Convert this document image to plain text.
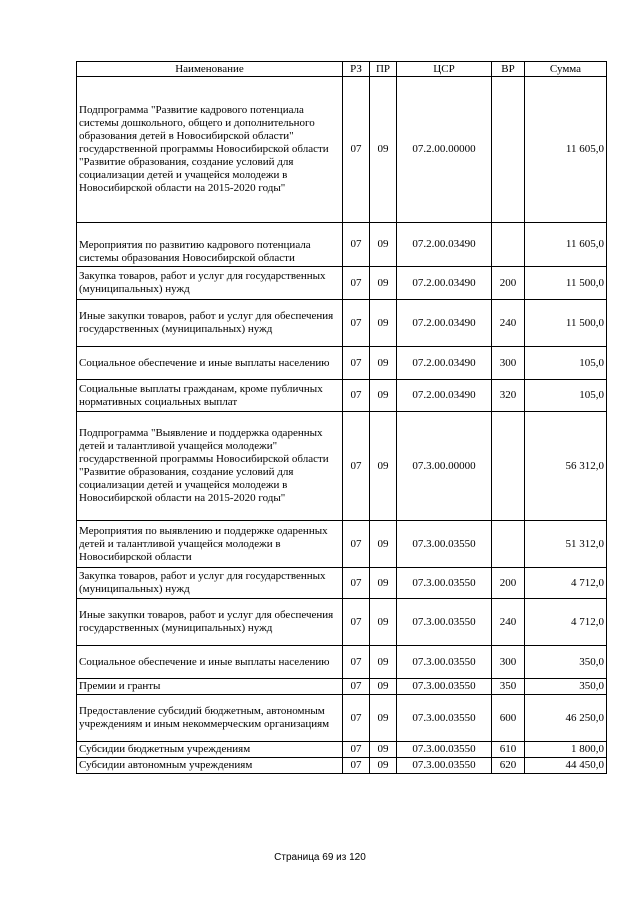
Наименование	РЗ	ПР	ЦСР	ВР	Сумма
Подпрограмма "Развитие кадрового потенциала системы дошкольного, общего и дополнительного образования детей в Новосибирской области" государственной программы Новосибирской области "Развитие образования, создание условий для социализации детей и учащейся молодежи в Новосибирской области на 2015-2020 годы"	07	09	07.2.00.00000		11 605,0
Мероприятия по развитию кадрового потенциала системы образования Новосибирской области	07	09	07.2.00.03490		11 605,0
Закупка товаров, работ и услуг для государственных (муниципальных) нужд	07	09	07.2.00.03490	200	11 500,0
Иные закупки товаров, работ и услуг для обеспечения государственных (муниципальных) нужд	07	09	07.2.00.03490	240	11 500,0
Социальное обеспечение и иные выплаты населению	07	09	07.2.00.03490	300	105,0
Социальные выплаты гражданам, кроме публичных нормативных социальных выплат	07	09	07.2.00.03490	320	105,0
Подпрограмма "Выявление и поддержка одаренных детей и талантливой учащейся молодежи" государственной программы Новосибирской области "Развитие образования, создание условий для социализации детей и учащейся молодежи в Новосибирской области на 2015-2020 годы"	07	09	07.3.00.00000		56 312,0
Мероприятия по выявлению и поддержке одаренных детей и талантливой учащейся молодежи в Новосибирской области	07	09	07.3.00.03550		51 312,0
Закупка товаров, работ и услуг для государственных (муниципальных) нужд	07	09	07.3.00.03550	200	4 712,0
Иные закупки товаров, работ и услуг для обеспечения государственных (муниципальных) нужд	07	09	07.3.00.03550	240	4 712,0
Социальное обеспечение и иные выплаты населению	07	09	07.3.00.03550	300	350,0
Премии и гранты	07	09	07.3.00.03550	350	350,0
Предоставление субсидий бюджетным, автономным учреждениям и иным некоммерческим организациям	07	09	07.3.00.03550	600	46 250,0
Субсидии бюджетным учреждениям	07	09	07.3.00.03550	610	1 800,0
Субсидии автономным учреждениям	07	09	07.3.00.03550	620	44 450,0
Страница 69 из 120
